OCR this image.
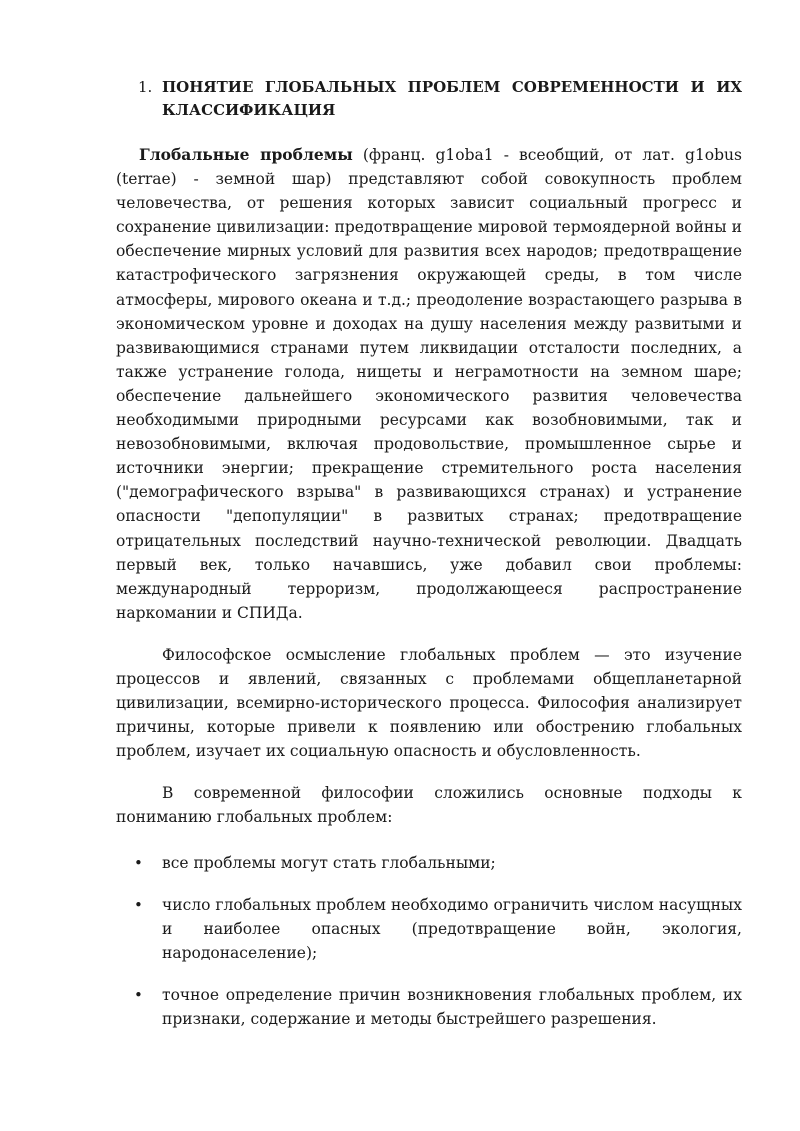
1. ПОНЯТИЕ ГЛОБАЛЬНЫХ ПРОБЛЕМ СОВРЕМЕННОСТИ И ИХ КЛАССИФИКАЦИЯ

Глобальные проблемы (франц. g1oba1 - всеобщий, от лат. g1obus (terrae) - земной шар) представляют собой совокупность проблем человечества, от решения которых зависит социальный прогресс и сохранение цивилизации: предотвращение мировой термоядерной войны и обеспечение мирных условий для развития всех народов; предотвращение катастрофического загрязнения окружающей среды, в том числе атмосферы, мирового океана и т.д.; преодоление возрастающего разрыва в экономическом уровне и доходах на душу населения между развитыми и развивающимися странами путем ликвидации отсталости последних, а также устранение голода, нищеты и неграмотности на земном шаре; обеспечение дальнейшего экономического развития человечества необходимыми природными ресурсами как возобновимыми, так и невозобновимыми, включая продовольствие, промышленное сырье и источники энергии; прекращение стремительного роста населения ("демографического взрыва" в развивающихся странах) и устранение опасности "депопуляции" в развитых странах; предотвращение отрицательных последствий научно-технической революции. Двадцать первый век, только начавшись, уже добавил свои проблемы: международный терроризм, продолжающееся распространение наркомании и СПИДа.

Философское осмысление глобальных проблем — это изучение процессов и явлений, связанных с проблемами общепланетарной цивилизации, всемирно-исторического процесса. Философия анализирует причины, которые привели к появлению или обострению глобальных проблем, изучает их социальную опасность и обусловленность.

В современной философии сложились основные подходы к пониманию глобальных проблем:

• все проблемы могут стать глобальными;
• число глобальных проблем необходимо ограничить числом насущных и наиболее опасных (предотвращение войн, экология, народонаселение);
• точное определение причин возникновения глобальных проблем, их признаки, содержание и методы быстрейшего разрешения.
